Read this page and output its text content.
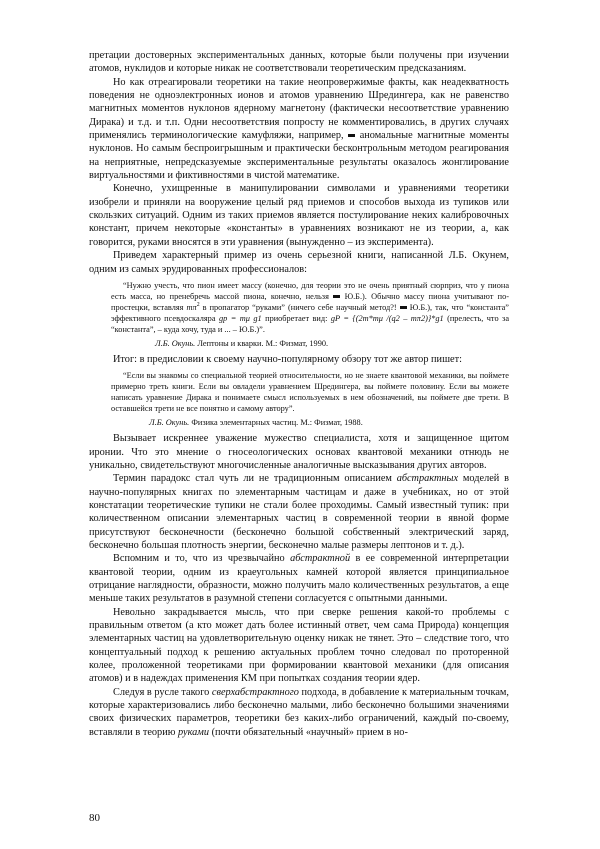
претации достоверных экспериментальных данных, которые были получены при изучении атомов, нуклидов и которые никак не соответствовали теоретическим предсказаниям.

Но как отреагировали теоретики на такие неопровержимые факты, как неадекватность поведения не одноэлектронных ионов и атомов уравнению Шредингера, как не равенство магнитных моментов нуклонов ядерному магнетону (фактически несоответствие уравнению Дирака) и т.д. и т.п. Одни несоответствия попросту не комментировались, в других случаях применялись терминологические камуфляжи, например, аномальные магнитные моменты нуклонов. Но самым беспроигрышным и практически бесконтрольным методом реагирования на неприятные, непредсказуемые экспериментальные результаты оказалось жонглирование виртуальностями и фиктивностями в чистой математике.

Конечно, ухищренные в манипулировании символами и уравнениями теоретики изобрели и приняли на вооружение целый ряд приемов и способов выхода из тупиков или скользких ситуаций. Одним из таких приемов является постулирование неких калибровочных констант, причем некоторые «константы» в уравнениях возникают не из теории, а, как говорится, руками вносятся в эти уравнения (вынужденно – из эксперимента).

Приведем характерный пример из очень серьезной книги, написанной Л.Б. Окунем, одним из самых эрудированных профессионалов:

“Нужно учесть, что пион имеет массу (конечно, для теории это не очень приятный сюрприз, что у пиона есть масса, но пренебречь массой пиона, конечно, нельзя Ю.Б.). Обычно массу пиона учитывают по-простецки, вставляя $m\pi^2$ в пропагатор “руками” (ничего себе научный метод?! Ю.Б.), так, что “константа” эффективного псевдоскаляра gp = mμ g1 приобретает вид: gP = {(2m*mμ /(q2 – mπ2)}*g1 (прелесть, что за “константа”, – куда хочу, туда и ... – Ю.Б.)”.
Л.Б. Окунь. Лептоны и кварки. М.: Физмат, 1990.

Итог: в предисловии к своему научно-популярному обзору тот же автор пишет:

“Если вы знакомы со специальной теорией относительности, но не знаете квантовой механики, вы поймете примерно треть книги. Если вы овладели уравнением Шредингера, вы поймете половину. Если вы можете написать уравнение Дирака и понимаете смысл используемых в нем обозначений, вы поймете две трети. В оставшейся трети не все понятно и самому автору”.
Л.Б. Окунь. Физика элементарных частиц. М.: Физмат, 1988.

Вызывает искреннее уважение мужество специалиста, хотя и защищенное щитом иронии. Что это мнение о гносеологических основах квантовой механики отнюдь не уникально, свидетельствуют многочисленные аналогичные высказывания других авторов.

Термин парадокс стал чуть ли не традиционным описанием абстрактных моделей в научно-популярных книгах по элементарным частицам и даже в учебниках, но от этой констатации теоретические тупики не стали более проходимы. Самый известный тупик: при количественном описании элементарных частиц в современной теории в явной форме присутствуют бесконечности (бесконечно большой собственный электрический заряд, бесконечно большая плотность энергии, бесконечно малые размеры лептонов и т. д.).

Вспомним и то, что из чрезвычайно абстрактной в ее современной интерпретации квантовой теории, одним из краеугольных камней которой является принципиальное отрицание наглядности, образности, можно получить мало количественных результатов, а еще меньше таких результатов в разумной степени согласуется с опытными данными.

Невольно закрадывается мысль, что при сверке решения какой-то проблемы с правильным ответом (а кто может дать более истинный ответ, чем сама Природа) концепция элементарных частиц на удовлетворительную оценку никак не тянет. Это – следствие того, что концептуальный подход к решению актуальных проблем точно следовал по проторенной колее, проложенной теоретиками при формировании квантовой механики (для описания атомов) и в надеждах применения КМ при попытках создания теории ядер.

Следуя в русле такого сверхабстрактного подхода, в добавление к материальным точкам, которые характеризовались либо бесконечно малыми, либо бесконечно большими значениями своих физических параметров, теоретики без каких-либо ограничений, каждый по-своему, вставляли в теорию руками (почти обязательный «научный» прием в но-

80
